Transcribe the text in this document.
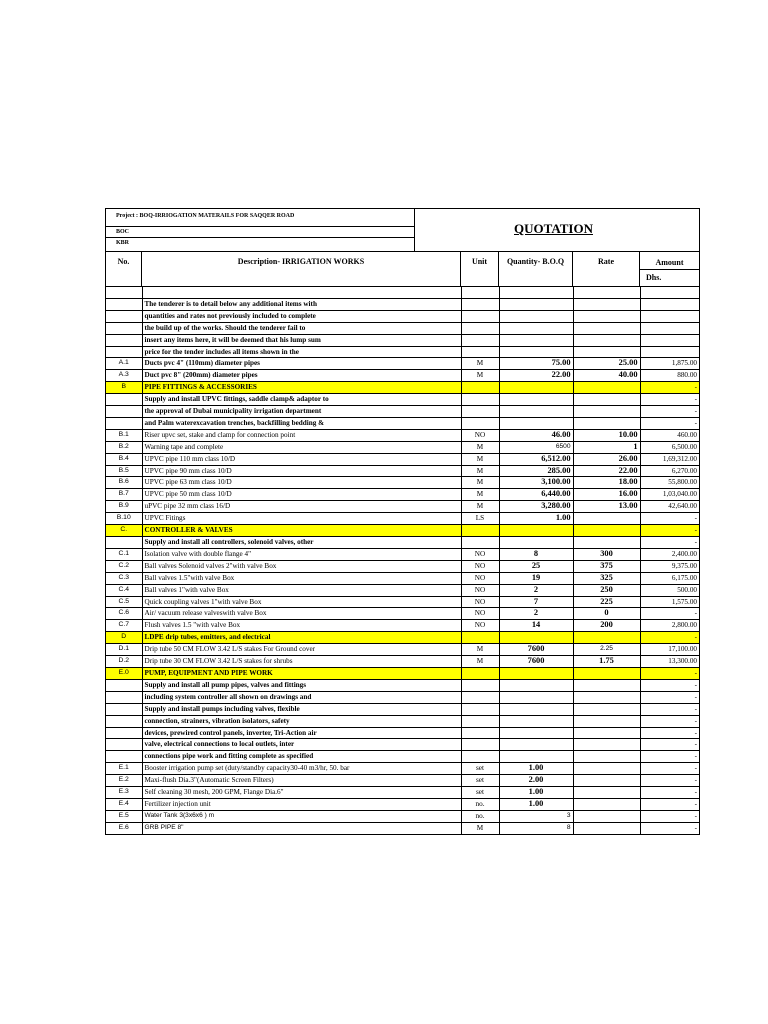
Project : BOQ-IRRIOGATION MATERAILS FOR SAQQER ROAD
BOC
KBR
QUOTATION
No.	Description- IRRIGATION WORKS	Unit	Quantity- B.O.Q	Rate	Amount
Dhs.

	The tenderer is to detail below any additional items with				
	quantities and rates not previously included to complete				
	the build up of the works. Should the tenderer fail to				
	insert any items here, it will be deemed that his lump sum				
	price for the tender includes all items shown in the				
A.1	Ducts pvc 4" (110mm) diameter pipes	M	75.00	25.00	1,875.00
A.3	Duct pvc 8" (200mm) diameter pipes	M	22.00	40.00	880.00
B	PIPE FITTINGS & ACCESSORIES				-
	Supply and install UPVC fittings, saddle clamp& adaptor to				-
	the approval of Dubai municipality irrigation department				-
	and Palm waterexcavation trenches, backfilling bedding &				-
B.1	Riser upvc set, stake and clamp for connection point	NO	46.00	10.00	460.00
B.2	Warning tape and complete	M	6500	1	6,500.00
B.4	UPVC pipe 110 mm class 10/D	M	6,512.00	26.00	1,69,312.00
B.5	UPVC pipe 90 mm class 10/D	M	285.00	22.00	6,270.00
B.6	UPVC pipe 63 mm class 10/D	M	3,100.00	18.00	55,800.00
B.7	UPVC pipe 50 mm class 10/D	M	6,440.00	16.00	1,03,040.00
B.9	uPVC pipe 32 mm class 16/D	M	3,280.00	13.00	42,640.00
B.10	UPVC Fitings	LS	1.00		-
C.	CONTROLLER & VALVES				-
	Supply and install all controllers, solenoid valves, other				-
C.1	Isolation valve with double flange 4"	NO	8	300	2,400.00
C.2	Ball valves Solenoid valves 2"with valve Box	NO	25	375	9,375.00
C.3	Ball valves 1.5"with valve Box	NO	19	325	6,175.00
C.4	Ball valves 1"with valve Box	NO	2	250	500.00
C.5	Quick coupling valves 1"with valve Box	NO	7	225	1,575.00
C.6	Air/ vacuum release valveswith valve Box	NO	2	0	-
C.7	Flush valves 1.5 "with valve Box	NO	14	200	2,800.00
D	LDPE drip tubes, emitters, and electrical				-
D.1	Drip tube 50 CM FLOW 3.42 L/S stakes For Ground cover	M	7600	2.25	17,100.00
D.2	Drip tube 30 CM FLOW 3.42 L/S stakes for shrubs	M	7600	1.75	13,300.00
E.0	PUMP, EQUIPMENT AND PIPE WORK				-
	Supply and install all pump pipes, valves and fittings				-
	including system controller all shown on drawings and				-
	Supply and install pumps including valves, flexible				-
	connection, strainers, vibration isolators, safety				-
	devices, prewired control panels, inverter, Tri-Action air				-
	valve, electrical connections to local outlets, inter				-
	connections pipe work and fitting complete as specified				-
E.1	Booster irrigation pump set (duty/standby capacity30-40 m3/hr, 50. bar	set	1.00		-
E.2	Maxi-flush Dia.3"(Automatic Screen Filters)	set	2.00		-
E.3	Self cleaning 30 mesh, 200 GPM, Flange Dia.6"	set	1.00		-
E.4	Fertilizer injection unit	no.	1.00		-
E.5	Water Tank 3(3x6x6 ) m	no.	3		-
E.6	GRB PIPE 8"	M	8		-
